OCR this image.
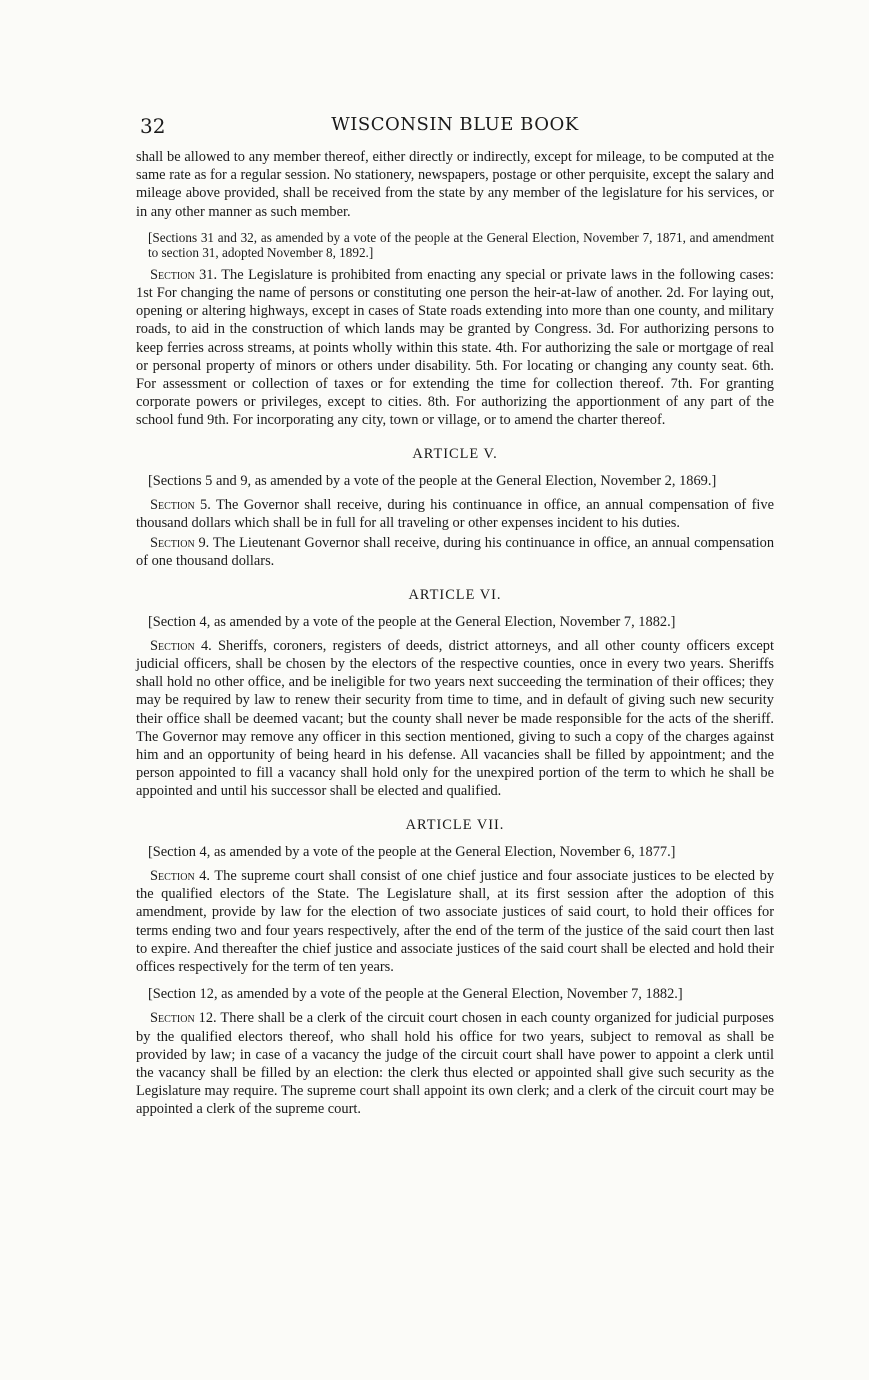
32	WISCONSIN BLUE BOOK

shall be allowed to any member thereof, either directly or indirectly, except for mileage, to be computed at the same rate as for a regular session. No stationery, newspapers, postage or other perquisite, except the salary and mileage above provided, shall be received from the state by any member of the legislature for his services, or in any other manner as such member.

[Sections 31 and 32, as amended by a vote of the people at the General Election, November 7, 1871, and amendment to section 31, adopted November 8, 1892.]

Section 31. The Legislature is prohibited from enacting any special or private laws in the following cases: 1st For changing the name of persons or constituting one person the heir-at-law of another. 2d. For laying out, opening or altering highways, except in cases of State roads extending into more than one county, and military roads, to aid in the construction of which lands may be granted by Congress. 3d. For authorizing persons to keep ferries across streams, at points wholly within this state. 4th. For authorizing the sale or mortgage of real or personal property of minors or others under disability. 5th. For locating or changing any county seat. 6th. For assessment or collection of taxes or for extending the time for collection thereof. 7th. For granting corporate powers or privileges, except to cities. 8th. For authorizing the apportionment of any part of the school fund 9th. For incorporating any city, town or village, or to amend the charter thereof.

ARTICLE V.

[Sections 5 and 9, as amended by a vote of the people at the General Election, November 2, 1869.]

Section 5. The Governor shall receive, during his continuance in office, an annual compensation of five thousand dollars which shall be in full for all traveling or other expenses incident to his duties.

Section 9. The Lieutenant Governor shall receive, during his continuance in office, an annual compensation of one thousand dollars.

ARTICLE VI.

[Section 4, as amended by a vote of the people at the General Election, November 7, 1882.]

Section 4. Sheriffs, coroners, registers of deeds, district attorneys, and all other county officers except judicial officers, shall be chosen by the electors of the respective counties, once in every two years. Sheriffs shall hold no other office, and be ineligible for two years next succeeding the termination of their offices; they may be required by law to renew their security from time to time, and in default of giving such new security their office shall be deemed vacant; but the county shall never be made responsible for the acts of the sheriff. The Governor may remove any officer in this section mentioned, giving to such a copy of the charges against him and an opportunity of being heard in his defense. All vacancies shall be filled by appointment; and the person appointed to fill a vacancy shall hold only for the unexpired portion of the term to which he shall be appointed and until his successor shall be elected and qualified.

ARTICLE VII.

[Section 4, as amended by a vote of the people at the General Election, November 6, 1877.]

Section 4. The supreme court shall consist of one chief justice and four associate justices to be elected by the qualified electors of the State. The Legislature shall, at its first session after the adoption of this amendment, provide by law for the election of two associate justices of said court, to hold their offices for terms ending two and four years respectively, after the end of the term of the justice of the said court then last to expire. And thereafter the chief justice and associate justices of the said court shall be elected and hold their offices respectively for the term of ten years.

[Section 12, as amended by a vote of the people at the General Election, November 7, 1882.]

Section 12. There shall be a clerk of the circuit court chosen in each county organized for judicial purposes by the qualified electors thereof, who shall hold his office for two years, subject to removal as shall be provided by law; in case of a vacancy the judge of the circuit court shall have power to appoint a clerk until the vacancy shall be filled by an election: the clerk thus elected or appointed shall give such security as the Legislature may require. The supreme court shall appoint its own clerk; and a clerk of the circuit court may be appointed a clerk of the supreme court.
